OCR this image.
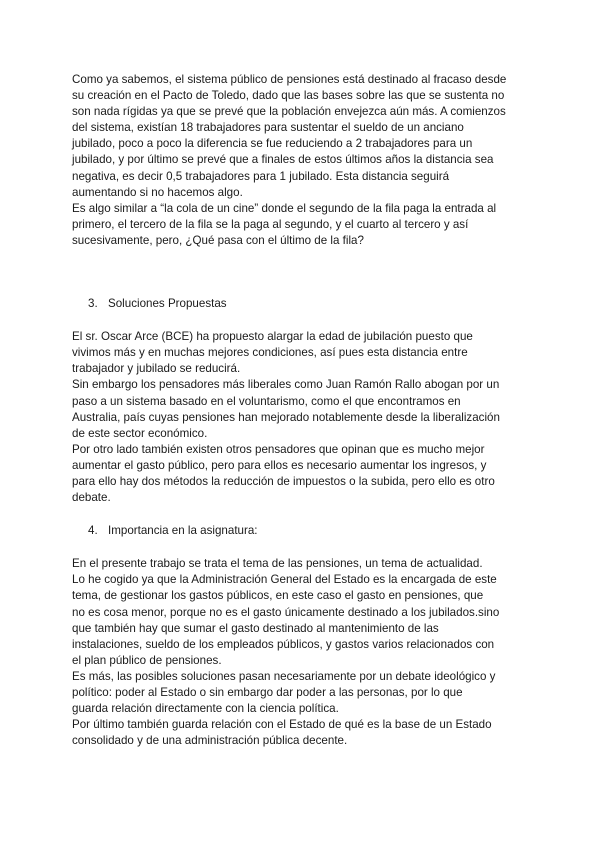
Como ya sabemos, el sistema público de pensiones está destinado al fracaso desde
su creación en el Pacto de Toledo, dado que las bases sobre las que se sustenta no
son nada rígidas ya que se prevé que la población envejezca aún más. A comienzos
del sistema, existían 18 trabajadores para sustentar el sueldo de un anciano
jubilado, poco a poco la diferencia se fue reduciendo a 2 trabajadores para un
jubilado, y por último se prevé que a finales de estos últimos años la distancia sea
negativa, es decir 0,5 trabajadores para 1 jubilado. Esta distancia seguirá
aumentando si no hacemos algo.
Es algo similar a “la cola de un cine” donde el segundo de la fila paga la entrada al
primero, el tercero de la fila se la paga al segundo, y el cuarto al tercero y así
sucesivamente, pero, ¿Qué pasa con el último de la fila?
3. Soluciones Propuestas
El sr. Oscar Arce (BCE) ha propuesto alargar la edad de jubilación puesto que
vivimos más y en muchas mejores condiciones, así pues esta distancia entre
trabajador y jubilado se reducirá.
Sin embargo los pensadores más liberales como Juan Ramón Rallo abogan por un
paso a un sistema basado en el voluntarismo, como el que encontramos en
Australia, país cuyas pensiones han mejorado notablemente desde la liberalización
de este sector económico.
Por otro lado también existen otros pensadores que opinan que es mucho mejor
aumentar el gasto público, pero para ellos es necesario aumentar los ingresos, y
para ello hay dos métodos la reducción de impuestos o la subida, pero ello es otro
debate.
4. Importancia en la asignatura:
En el presente trabajo se trata el tema de las pensiones, un tema de actualidad.
Lo he cogido ya que la Administración General del Estado es la encargada de este
tema, de gestionar los gastos públicos, en este caso el gasto en pensiones, que
no es cosa menor, porque no es el gasto únicamente destinado a los jubilados.sino
que también hay que sumar el gasto destinado al mantenimiento de las
instalaciones, sueldo de los empleados públicos, y gastos varios relacionados con
el plan público de pensiones.
Es más, las posibles soluciones pasan necesariamente por un debate ideológico y
político: poder al Estado o sin embargo dar poder a las personas, por lo que
guarda relación directamente con la ciencia política.
Por último también guarda relación con el Estado de qué es la base de un Estado
consolidado y de una administración pública decente.
